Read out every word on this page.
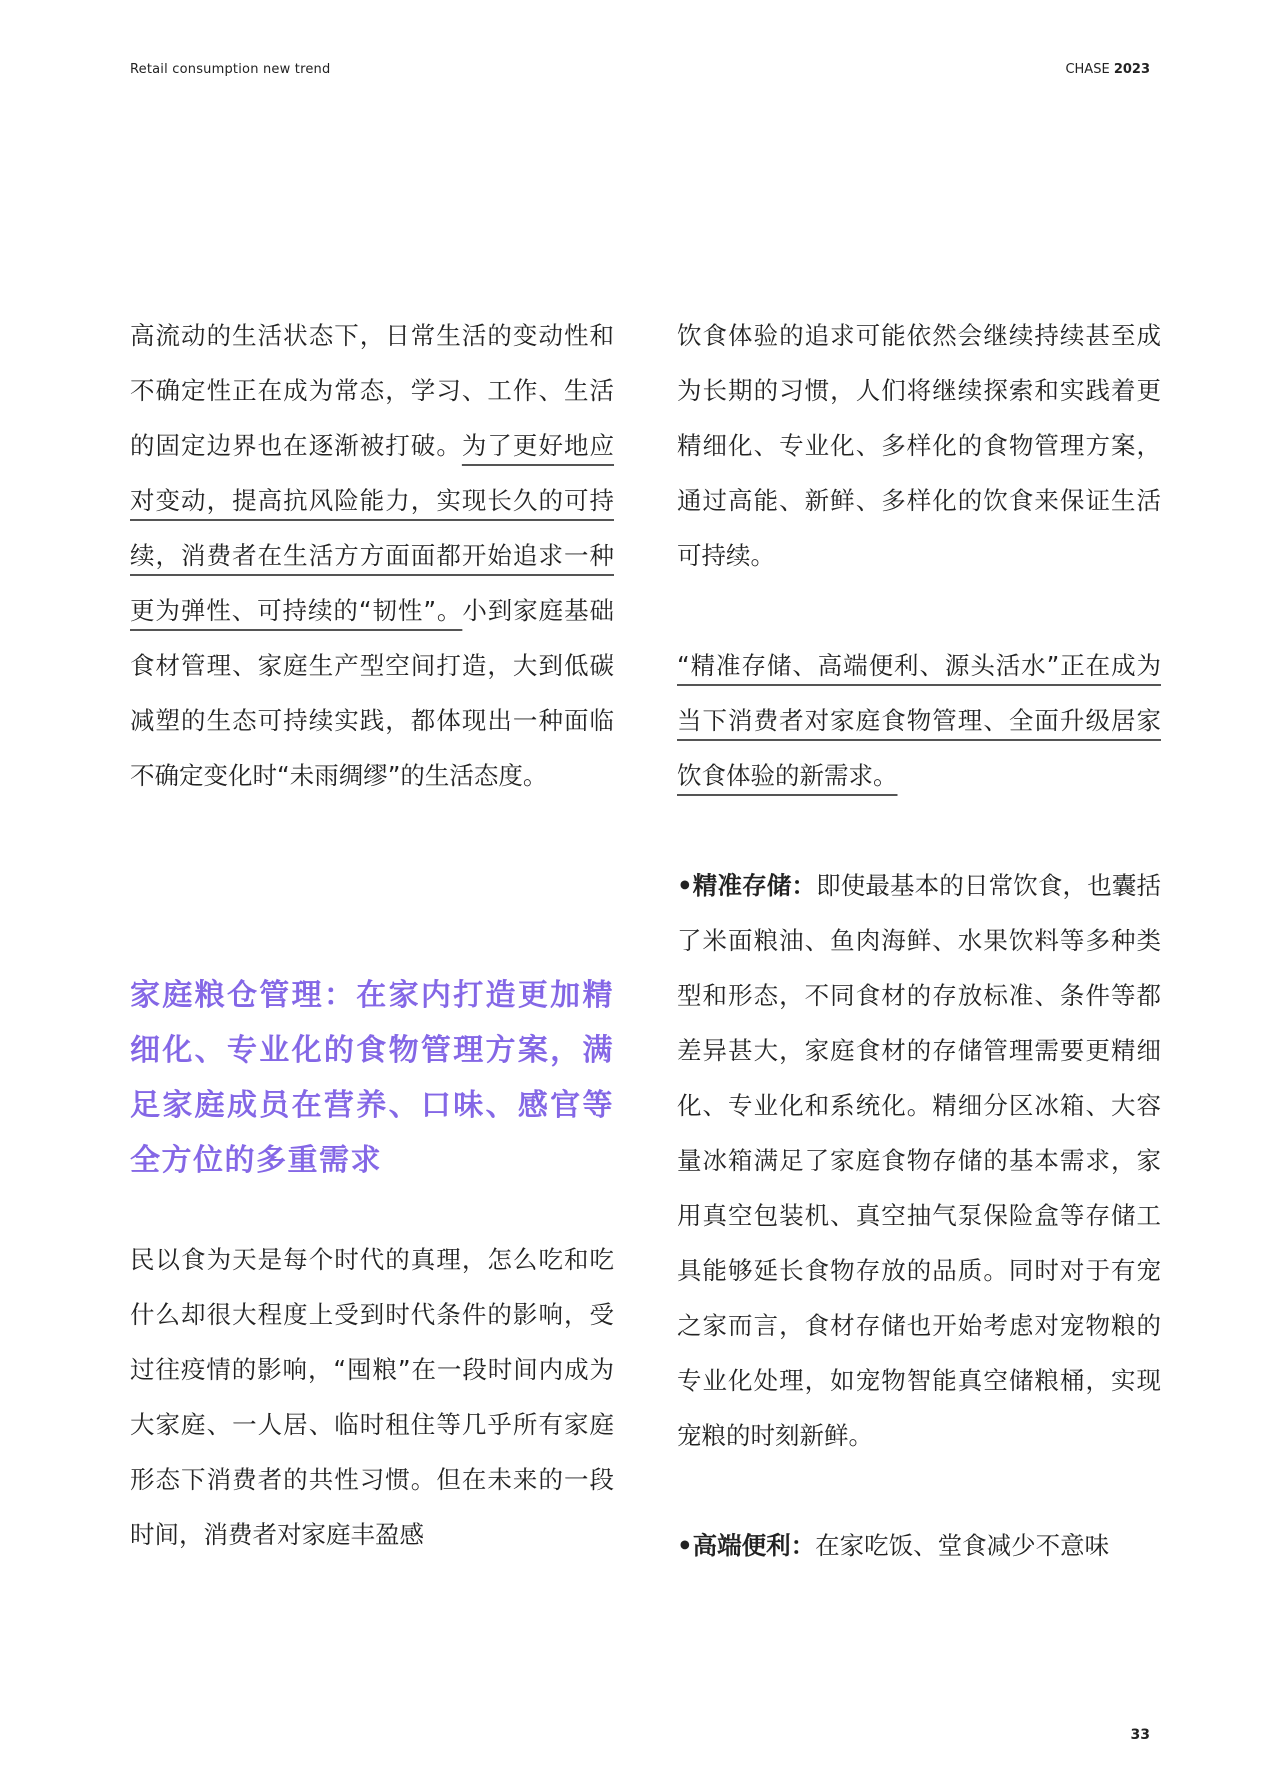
Retail consumption new trend	CHASE 2023

高流动的生活状态下，日常生活的变动性和不确定性正在成为常态，学习、工作、生活的固定边界也在逐渐被打破。为了更好地应对变动，提高抗风险能力，实现长久的可持续，消费者在生活方方面面都开始追求一种更为弹性、可持续的“韧性”。小到家庭基础食材管理、家庭生产型空间打造，大到低碳减塑的生态可持续实践，都体现出一种面临不确定变化时“未雨绸缪”的生活态度。

家庭粮仓管理：在家内打造更加精细化、专业化的食物管理方案，满足家庭成员在营养、口味、感官等全方位的多重需求

民以食为天是每个时代的真理，怎么吃和吃什么却很大程度上受到时代条件的影响，受过往疫情的影响，“囤粮”在一段时间内成为大家庭、一人居、临时租住等几乎所有家庭形态下消费者的共性习惯。但在未来的一段时间，消费者对家庭丰盈感

饮食体验的追求可能依然会继续持续甚至成为长期的习惯，人们将继续探索和实践着更精细化、专业化、多样化的食物管理方案，通过高能、新鲜、多样化的饮食来保证生活可持续。

“精准存储、高端便利、源头活水”正在成为当下消费者对家庭食物管理、全面升级居家饮食体验的新需求。

•精准存储：即使最基本的日常饮食，也囊括了米面粮油、鱼肉海鲜、水果饮料等多种类型和形态，不同食材的存放标准、条件等都差异甚大，家庭食材的存储管理需要更精细化、专业化和系统化。精细分区冰箱、大容量冰箱满足了家庭食物存储的基本需求，家用真空包装机、真空抽气泵保险盒等存储工具能够延长食物存放的品质。同时对于有宠之家而言，食材存储也开始考虑对宠物粮的专业化处理，如宠物智能真空储粮桶，实现宠粮的时刻新鲜。

•高端便利：在家吃饭、堂食减少不意味

33
